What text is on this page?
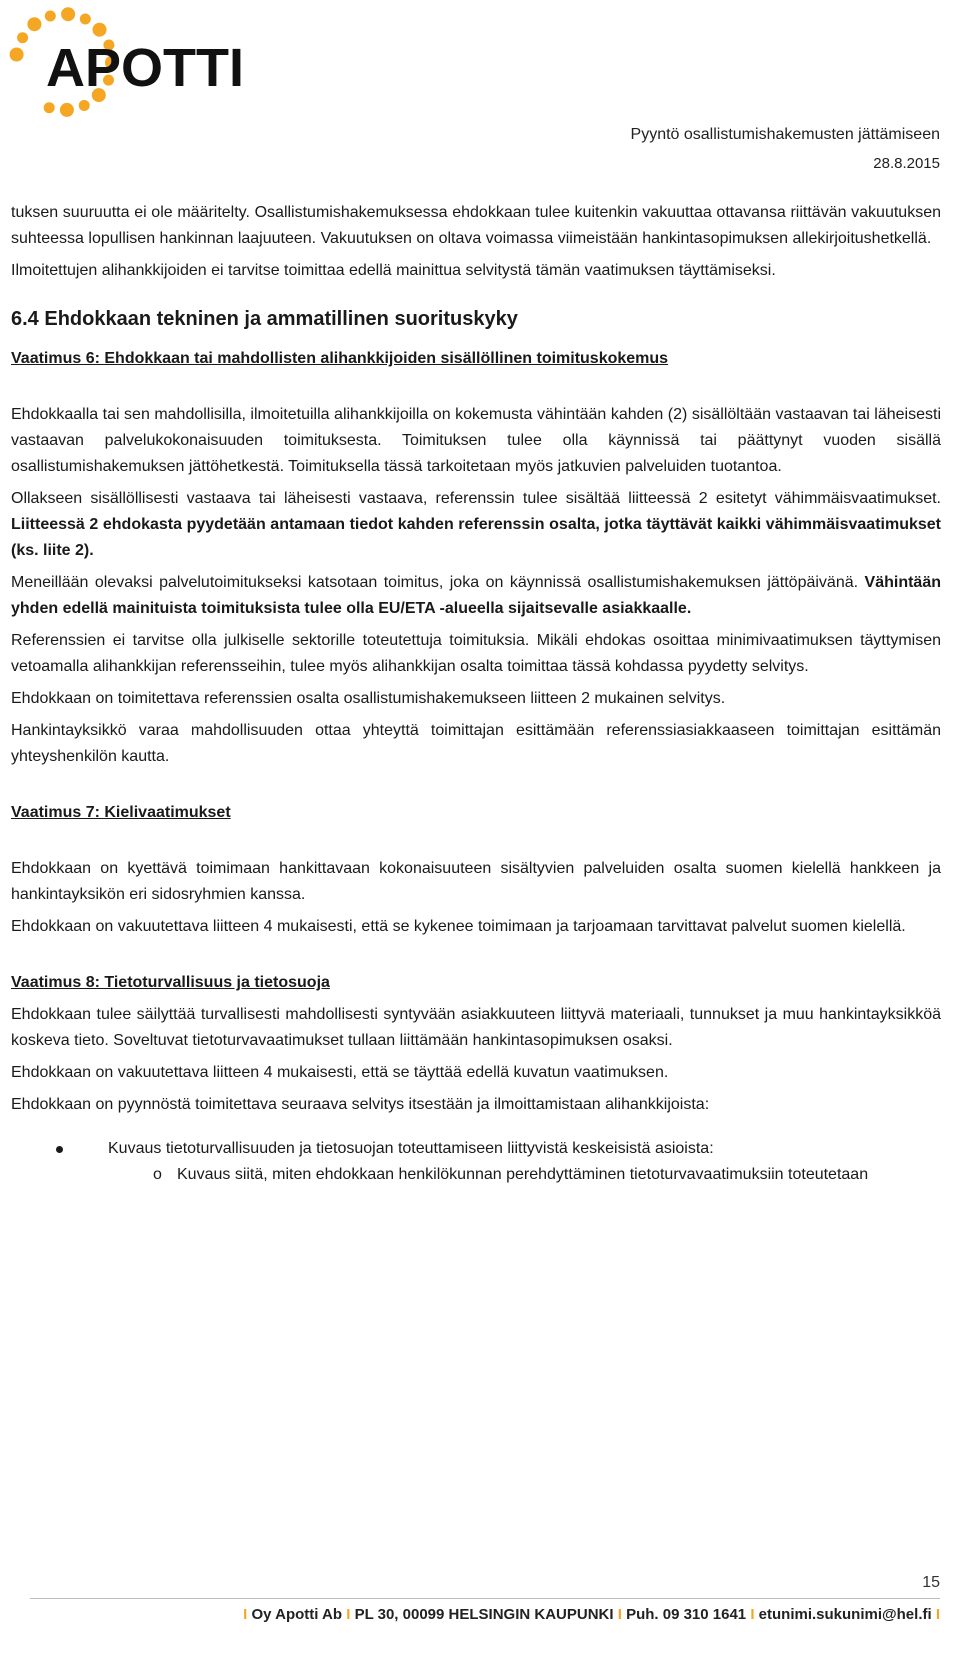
APOTTI
Pyyntö osallistumishakemusten jättämiseen
28.8.2015

tuksen suuruutta ei ole määritelty. Osallistumishakemuksessa ehdokkaan tulee kuitenkin vakuuttaa ottavansa riittävän vakuutuksen suhteessa lopullisen hankinnan laajuuteen. Vakuutuksen on oltava voimassa viimeistään hankintasopimuksen allekirjoitushetkellä.

Ilmoitettujen alihankkijoiden ei tarvitse toimittaa edellä mainittua selvitystä tämän vaatimuksen täyttämiseksi.

6.4 Ehdokkaan tekninen ja ammatillinen suorituskyky

Vaatimus 6: Ehdokkaan tai mahdollisten alihankkijoiden sisällöllinen toimituskokemus

Ehdokkaalla tai sen mahdollisilla, ilmoitetuilla alihankkijoilla on kokemusta vähintään kahden (2) sisällöltään vastaavan tai läheisesti vastaavan palvelukokonaisuuden toimituksesta. Toimituksen tulee olla käynnissä tai päättynyt vuoden sisällä osallistumishakemuksen jättöhetkestä. Toimituksella tässä tarkoitetaan myös jatkuvien palveluiden tuotantoa.

Ollakseen sisällöllisesti vastaava tai läheisesti vastaava, referenssin tulee sisältää liitteessä 2 esitetyt vähimmäisvaatimukset. Liitteessä 2 ehdokasta pyydetään antamaan tiedot kahden referenssin osalta, jotka täyttävät kaikki vähimmäisvaatimukset (ks. liite 2).

Meneillään olevaksi palvelutoimitukseksi katsotaan toimitus, joka on käynnissä osallistumishakemuksen jättöpäivänä. Vähintään yhden edellä mainituista toimituksista tulee olla EU/ETA -alueella sijaitsevalle asiakkaalle.

Referenssien ei tarvitse olla julkiselle sektorille toteutettuja toimituksia. Mikäli ehdokas osoittaa minimivaatimuksen täyttymisen vetoamalla alihankkijan referensseihin, tulee myös alihankkijan osalta toimittaa tässä kohdassa pyydetty selvitys.

Ehdokkaan on toimitettava referenssien osalta osallistumishakemukseen liitteen 2 mukainen selvitys.

Hankintayksikkö varaa mahdollisuuden ottaa yhteyttä toimittajan esittämään referenssiasiakkaaseen toimittajan esittämän yhteyshenkilön kautta.

Vaatimus 7: Kielivaatimukset

Ehdokkaan on kyettävä toimimaan hankittavaan kokonaisuuteen sisältyvien palveluiden osalta suomen kielellä hankkeen ja hankintayksikön eri sidosryhmien kanssa.

Ehdokkaan on vakuutettava liitteen 4 mukaisesti, että se kykenee toimimaan ja tarjoamaan tarvittavat palvelut suomen kielellä.

Vaatimus 8: Tietoturvallisuus ja tietosuoja

Ehdokkaan tulee säilyttää turvallisesti mahdollisesti syntyvään asiakkuuteen liittyvä materiaali, tunnukset ja muu hankintayksikköä koskeva tieto. Soveltuvat tietoturvavaatimukset tullaan liittämään hankintasopimuksen osaksi.

Ehdokkaan on vakuutettava liitteen 4 mukaisesti, että se täyttää edellä kuvatun vaatimuksen.

Ehdokkaan on pyynnöstä toimitettava seuraava selvitys itsestään ja ilmoittamistaan alihankkijoista:

Kuvaus tietoturvallisuuden ja tietosuojan toteuttamiseen liittyvistä keskeisistä asioista:
o Kuvaus siitä, miten ehdokkaan henkilökunnan perehdyttäminen tietoturvavaatimuksiin toteutetaan
15
I Oy Apotti Ab I PL 30, 00099 HELSINGIN KAUPUNKI I Puh. 09 310 1641 I etunimi.sukunimi@hel.fi I
